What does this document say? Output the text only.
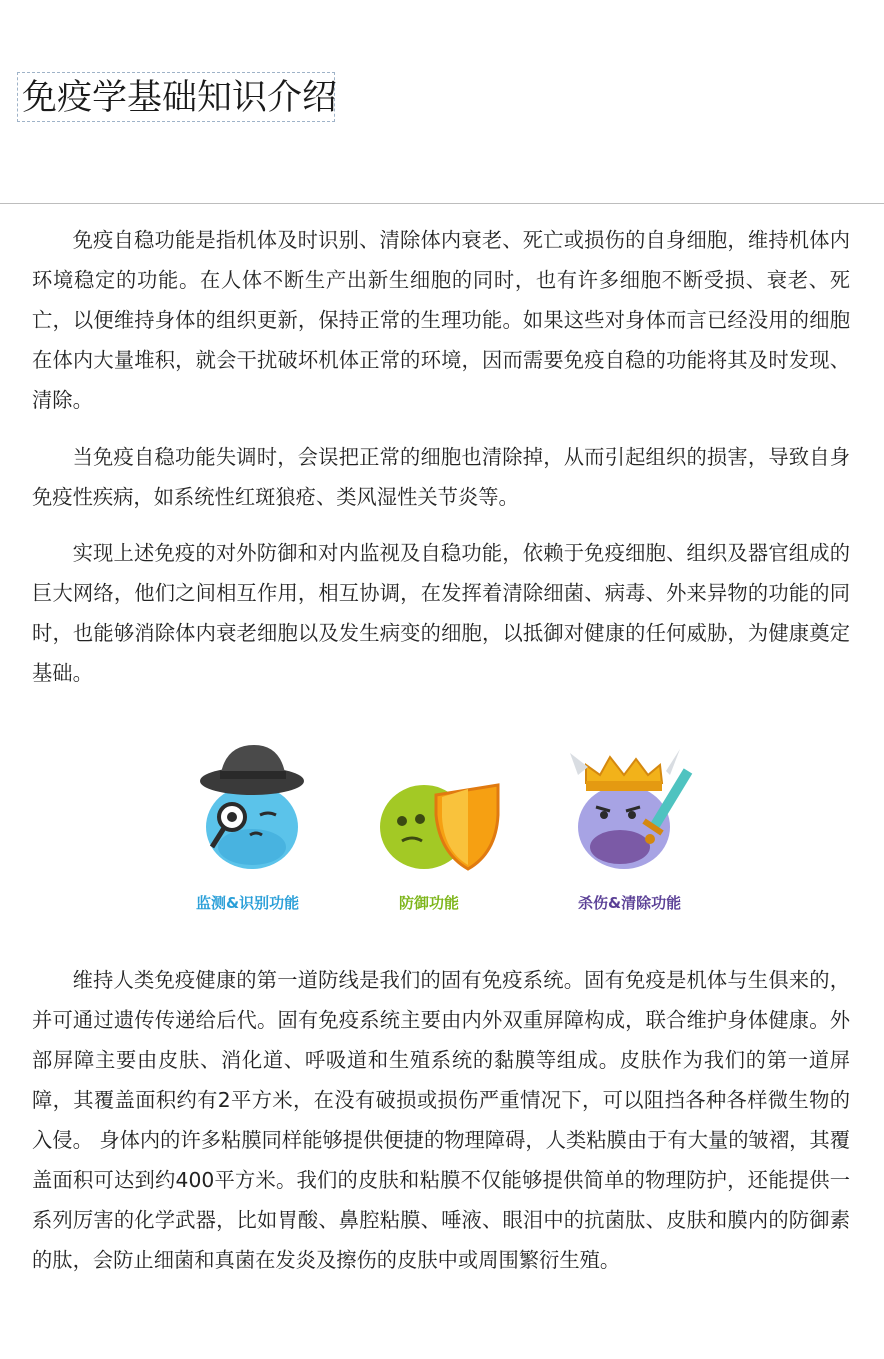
免疫学基础知识介绍

免疫自稳功能是指机体及时识别、清除体内衰老、死亡或损伤的自身细胞，维持机体内环境稳定的功能。在人体不断生产出新生细胞的同时，也有许多细胞不断受损、衰老、死亡，以便维持身体的组织更新，保持正常的生理功能。如果这些对身体而言已经没用的细胞在体内大量堆积，就会干扰破坏机体正常的环境，因而需要免疫自稳的功能将其及时发现、清除。

当免疫自稳功能失调时，会误把正常的细胞也清除掉，从而引起组织的损害，导致自身免疫性疾病，如系统性红斑狼疮、类风湿性关节炎等。

实现上述免疫的对外防御和对内监视及自稳功能，依赖于免疫细胞、组织及器官组成的巨大网络，他们之间相互作用，相互协调，在发挥着清除细菌、病毒、外来异物的功能的同时，也能够消除体内衰老细胞以及发生病变的细胞，以抵御对健康的任何威胁，为健康奠定基础。

监测&识别功能	防御功能	杀伤&清除功能

维持人类免疫健康的第一道防线是我们的固有免疫系统。固有免疫是机体与生俱来的，并可通过遗传传递给后代。固有免疫系统主要由内外双重屏障构成，联合维护身体健康。外部屏障主要由皮肤、消化道、呼吸道和生殖系统的黏膜等组成。皮肤作为我们的第一道屏障，其覆盖面积约有2平方米，在没有破损或损伤严重情况下，可以阻挡各种各样微生物的入侵。 身体内的许多粘膜同样能够提供便捷的物理障碍，人类粘膜由于有大量的皱褶，其覆盖面积可达到约400平方米。我们的皮肤和粘膜不仅能够提供简单的物理防护，还能提供一系列厉害的化学武器，比如胃酸、鼻腔粘膜、唾液、眼泪中的抗菌肽、皮肤和膜内的防御素的肽，会防止细菌和真菌在发炎及擦伤的皮肤中或周围繁衍生殖。
